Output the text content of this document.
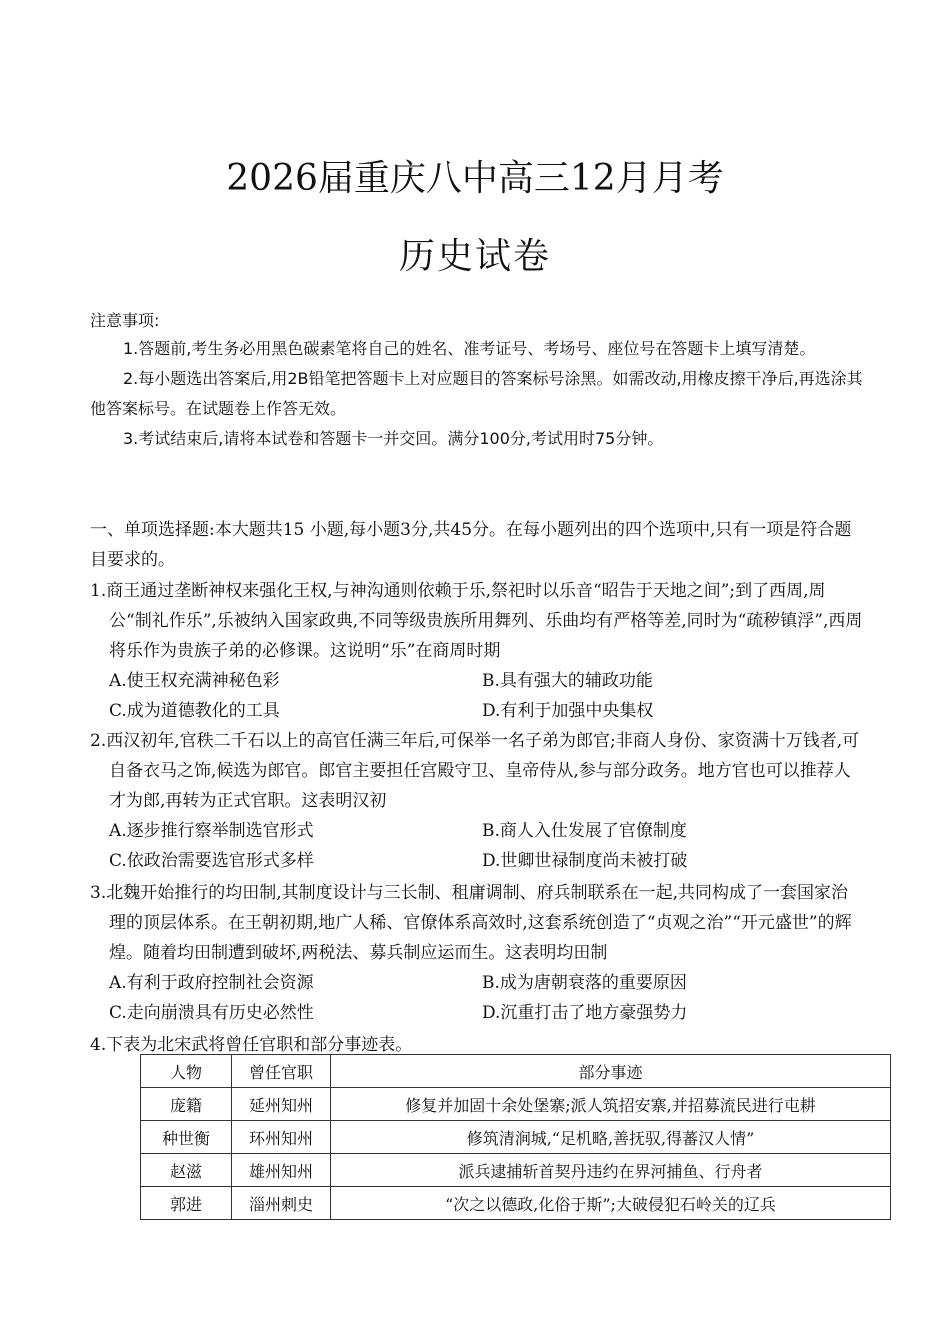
2026届重庆八中高三12月月考
历史试卷
注意事项:

1.答题前,考生务必用黑色碳素笔将自己的姓名、准考证号、考场号、座位号在答题卡上填写清楚。

2.每小题选出答案后,用2B铅笔把答题卡上对应题目的答案标号涂黑。如需改动,用橡皮擦干净后,再选涂其他答案标号。在试题卷上作答无效。

3.考试结束后,请将本试卷和答题卡一并交回。满分100分,考试用时75分钟。

一、单项选择题:本大题共15 小题,每小题3分,共45分。在每小题列出的四个选项中,只有一项是符合题目要求的。

1.商王通过垄断神权来强化王权,与神沟通则依赖于乐,祭祀时以乐音“昭告于天地之间”;到了西周,周公“制礼作乐”,乐被纳入国家政典,不同等级贵族所用舞列、乐曲均有严格等差,同时为“疏秽镇浮”,西周将乐作为贵族子弟的必修课。这说明“乐”在商周时期

A.使王权充满神秘色彩	B.具有强大的辅政功能
C.成为道德教化的工具	D.有利于加强中央集权

2.西汉初年,官秩二千石以上的高官任满三年后,可保举一名子弟为郎官;非商人身份、家资满十万钱者,可自备衣马之饰,候选为郎官。郎官主要担任宫殿守卫、皇帝侍从,参与部分政务。地方官也可以推荐人才为郎,再转为正式官职。这表明汉初

A.逐步推行察举制选官形式	B.商人入仕发展了官僚制度
C.依政治需要选官形式多样	D.世卿世禄制度尚未被打破

3.北魏开始推行的均田制,其制度设计与三长制、租庸调制、府兵制联系在一起,共同构成了一套国家治理的顶层体系。在王朝初期,地广人稀、官僚体系高效时,这套系统创造了“贞观之治”“开元盛世”的辉煌。随着均田制遭到破坏,两税法、募兵制应运而生。这表明均田制

A.有利于政府控制社会资源	B.成为唐朝衰落的重要原因
C.走向崩溃具有历史必然性	D.沉重打击了地方豪强势力

4.下表为北宋武将曾任官职和部分事迹表。

人物	曾任官职	部分事迹
庞籍	延州知州	修复并加固十余处堡寨;派人筑招安寨,并招募流民进行屯耕
种世衡	环州知州	修筑清涧城,“足机略,善抚驭,得蕃汉人情”
赵滋	雄州知州	派兵逮捕斩首契丹违约在界河捕鱼、行舟者
郭进	淄州刺史	“次之以德政,化俗于斯”;大破侵犯石岭关的辽兵
